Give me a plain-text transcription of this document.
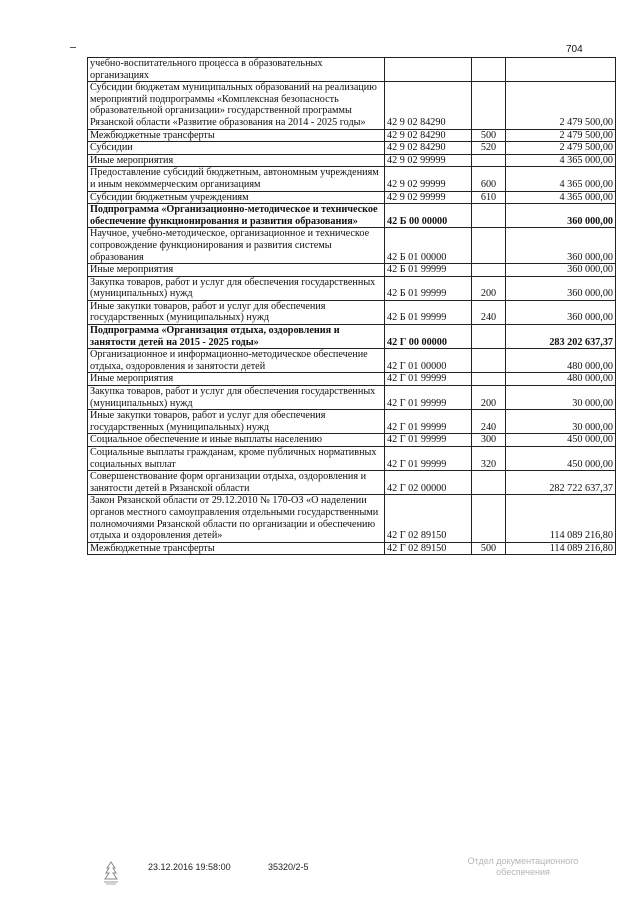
704
учебно-воспитательного процесса в образовательных организациях			
Субсидии бюджетам муниципальных образований на реализацию мероприятий подпрограммы «Комплексная безопасность образовательной организации» государственной программы Рязанской области «Развитие образования на 2014 - 2025 годы»	42 9 02 84290		2 479 500,00
Межбюджетные трансферты	42 9 02 84290	500	2 479 500,00
Субсидии	42 9 02 84290	520	2 479 500,00
Иные мероприятия	42 9 02 99999		4 365 000,00
Предоставление субсидий бюджетным, автономным учреждениям и иным некоммерческим организациям	42 9 02 99999	600	4 365 000,00
Субсидии бюджетным учреждениям	42 9 02 99999	610	4 365 000,00
Подпрограмма «Организационно-методическое и техническое обеспечение функционирования и развития образования»	42 Б 00 00000		360 000,00
Научное, учебно-методическое, организационное и техническое сопровождение функционирования и развития системы образования	42 Б 01 00000		360 000,00
Иные мероприятия	42 Б 01 99999		360 000,00
Закупка товаров, работ и услуг для обеспечения государственных (муниципальных) нужд	42 Б 01 99999	200	360 000,00
Иные закупки товаров, работ и услуг для обеспечения государственных (муниципальных) нужд	42 Б 01 99999	240	360 000,00
Подпрограмма «Организация отдыха, оздоровления и занятости детей на 2015 - 2025 годы»	42 Г 00 00000		283 202 637,37
Организационное и информационно-методическое обеспечение отдыха, оздоровления и занятости детей	42 Г 01 00000		480 000,00
Иные мероприятия	42 Г 01 99999		480 000,00
Закупка товаров, работ и услуг для обеспечения государственных (муниципальных) нужд	42 Г 01 99999	200	30 000,00
Иные закупки товаров, работ и услуг для обеспечения государственных (муниципальных) нужд	42 Г 01 99999	240	30 000,00
Социальное обеспечение и иные выплаты населению	42 Г 01 99999	300	450 000,00
Социальные выплаты гражданам, кроме публичных нормативных социальных выплат	42 Г 01 99999	320	450 000,00
Совершенствование форм организации отдыха, оздоровления и занятости детей в Рязанской области	42 Г 02 00000		282 722 637,37
Закон Рязанской области от 29.12.2010 № 170-ОЗ «О наделении органов местного самоуправления отдельными государственными полномочиями Рязанской области по организации и обеспечению отдыха и оздоровления детей»	42 Г 02 89150		114 089 216,80
Межбюджетные трансферты	42 Г 02 89150	500	114 089 216,80
23.12.2016 19:58:00	35320/2-5
Отдел документационного обеспечения
